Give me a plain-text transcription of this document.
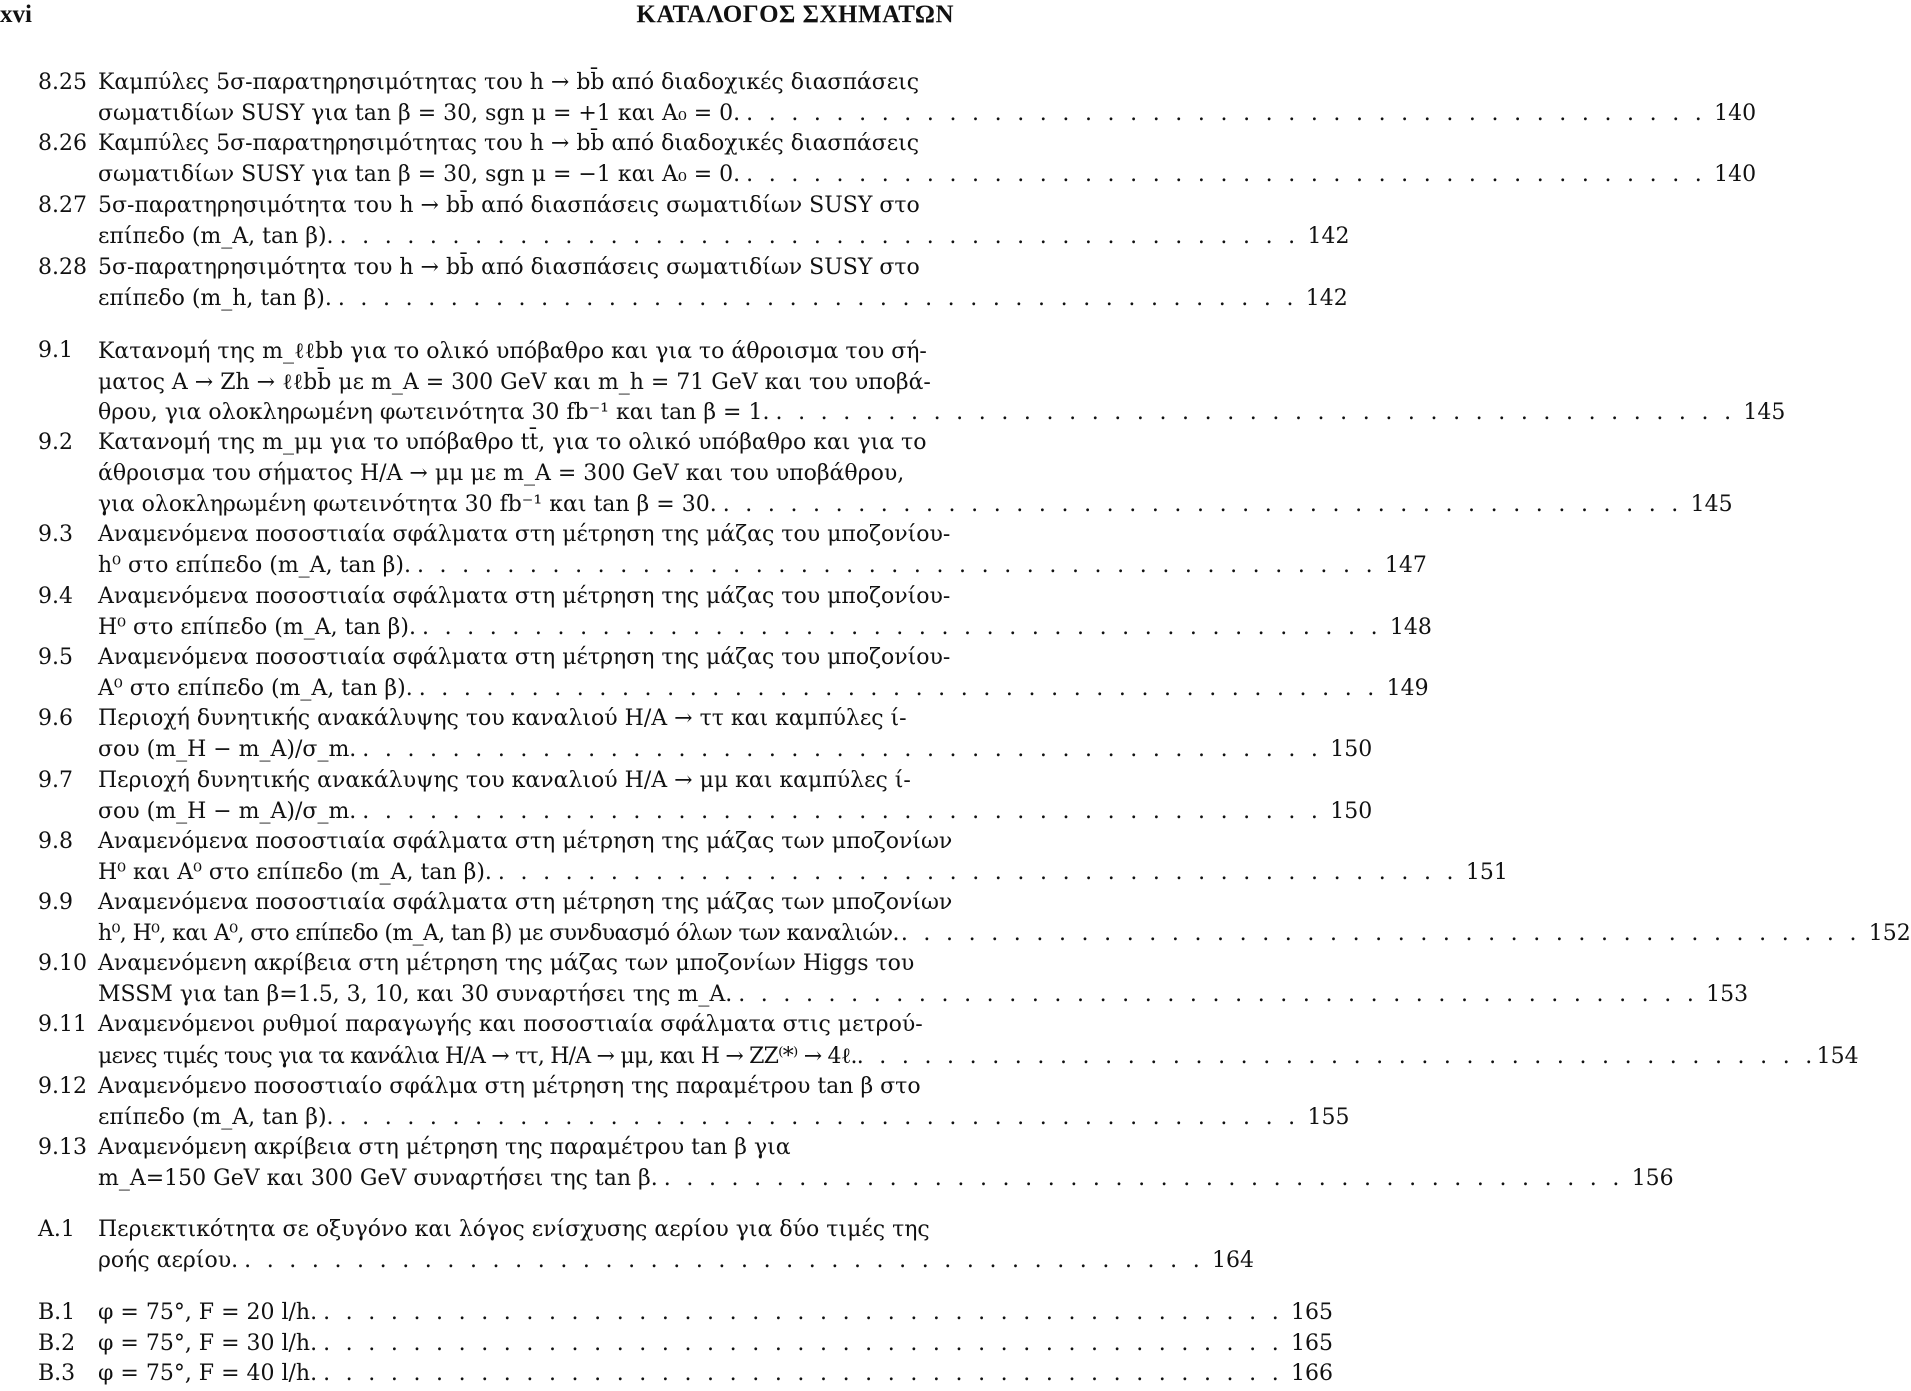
xvi	ΚΑΤΑΛΟΓΟΣ ΣΧΗΜΑΤΩΝ
8.25 Καμπύλες 5σ-παρατηρησιμότητας του h → bb̄ από διαδοχικές διασπάσεις
σωματιδίων SUSY για tan β = 30, sgn μ = +1 και A₀ = 0. . . . . . . . . . . . . . . . . . . . . . . . . . . . . . . . . . . . . . . . . . . . 140
8.26 Καμπύλες 5σ-παρατηρησιμότητας του h → bb̄ από διαδοχικές διασπάσεις
σωματιδίων SUSY για tan β = 30, sgn μ = −1 και A₀ = 0. . . . . . . . . . . . . . . . . . . . . . . . . . . . . . . . . . . . . . . . . . . . 140
8.27 5σ-παρατηρησιμότητα του h → bb̄ από διασπάσεις σωματιδίων SUSY στο
επίπεδο (m_A, tan β). . . . . . . . . . . . . . . . . . . . . . . . . . . . . . . . . . . . . . . . . . . . 142
8.28 5σ-παρατηρησιμότητα του h → bb̄ από διασπάσεις σωματιδίων SUSY στο
επίπεδο (m_h, tan β). . . . . . . . . . . . . . . . . . . . . . . . . . . . . . . . . . . . . . . . . . . . 142
9.1 Κατανομή της m_ℓℓbb για το ολικό υπόβαθρο και για το άθροισμα του σή-
ματος A → Zh → ℓℓbb̄ με m_A = 300 GeV και m_h = 71 GeV και του υποβά-
θρου, για ολοκληρωμένη φωτεινότητα 30 fb⁻¹ και tan β = 1. . . . . . . . . . . . . . . . . . . . . . . . . . . . . . . . . . . . . . . . . . . . 145
9.2 Κατανομή της m_μμ για το υπόβαθρο tt̄, για το ολικό υπόβαθρο και για το
άθροισμα του σήματος H/A → μμ με m_A = 300 GeV και του υποβάθρου,
για ολοκληρωμένη φωτεινότητα 30 fb⁻¹ και tan β = 30. . . . . . . . . . . . . . . . . . . . . . . . . . . . . . . . . . . . . . . . . . . . 145
9.3 Αναμενόμενα ποσοστιαία σφάλματα στη μέτρηση της μάζας του μποζονίου-
h⁰ στο επίπεδο (m_A, tan β). . . . . . . . . . . . . . . . . . . . . . . . . . . . . . . . . . . . . . . . . . . . 147
9.4 Αναμενόμενα ποσοστιαία σφάλματα στη μέτρηση της μάζας του μποζονίου-
H⁰ στο επίπεδο (m_A, tan β). . . . . . . . . . . . . . . . . . . . . . . . . . . . . . . . . . . . . . . . . . . . 148
9.5 Αναμενόμενα ποσοστιαία σφάλματα στη μέτρηση της μάζας του μποζονίου-
A⁰ στο επίπεδο (m_A, tan β). . . . . . . . . . . . . . . . . . . . . . . . . . . . . . . . . . . . . . . . . . . . 149
9.6 Περιοχή δυνητικής ανακάλυψης του καναλιού H/A → ττ και καμπύλες ί-
σου (m_H − m_A)/σ_m. . . . . . . . . . . . . . . . . . . . . . . . . . . . . . . . . . . . . . . . . . . . 150
9.7 Περιοχή δυνητικής ανακάλυψης του καναλιού H/A → μμ και καμπύλες ί-
σου (m_H − m_A)/σ_m. . . . . . . . . . . . . . . . . . . . . . . . . . . . . . . . . . . . . . . . . . . . 150
9.8 Αναμενόμενα ποσοστιαία σφάλματα στη μέτρηση της μάζας των μποζονίων
H⁰ και A⁰ στο επίπεδο (m_A, tan β). . . . . . . . . . . . . . . . . . . . . . . . . . . . . . . . . . . . . . . . . . . . 151
9.9 Αναμενόμενα ποσοστιαία σφάλματα στη μέτρηση της μάζας των μποζονίων
h⁰, H⁰, και A⁰, στο επίπεδο (m_A, tan β) με συνδυασμό όλων των καναλιών. . . . . . . . . . . . . . . . . . . . . . . . . . . . . . . . . . . . . . . . . . . . 152
9.10 Αναμενόμενη ακρίβεια στη μέτρηση της μάζας των μποζονίων Higgs του
MSSM για tan β=1.5, 3, 10, και 30 συναρτήσει της m_A. . . . . . . . . . . . . . . . . . . . . . . . . . . . . . . . . . . . . . . . . . . . 153
9.11 Αναμενόμενοι ρυθμοί παραγωγής και ποσοστιαία σφάλματα στις μετρού-
μενες τιμές τους για τα κανάλια H/A → ττ, H/A → μμ, και H → ZZ⁽*⁾ → 4ℓ. . . . . . . . . . . . . . . . . . . . . . . . . . . . . . . . . . . . . . . . . . . . 154
9.12 Αναμενόμενο ποσοστιαίο σφάλμα στη μέτρηση της παραμέτρου tan β στο
επίπεδο (m_A, tan β). . . . . . . . . . . . . . . . . . . . . . . . . . . . . . . . . . . . . . . . . . . . 155
9.13 Αναμενόμενη ακρίβεια στη μέτρηση της παραμέτρου tan β για
m_A=150 GeV και 300 GeV συναρτήσει της tan β. . . . . . . . . . . . . . . . . . . . . . . . . . . . . . . . . . . . . . . . . . . . 156
A.1 Περιεκτικότητα σε οξυγόνο και λόγος ενίσχυσης αερίου για δύο τιμές της
ροής αερίου. . . . . . . . . . . . . . . . . . . . . . . . . . . . . . . . . . . . . . . . . . . . 164
B.1 φ = 75°, F = 20 l/h. . . . . . . . . . . . . . . . . . . . . . . . . . . . . . . . . . . . . . . . . . . . 165
B.2 φ = 75°, F = 30 l/h. . . . . . . . . . . . . . . . . . . . . . . . . . . . . . . . . . . . . . . . . . . . 165
B.3 φ = 75°, F = 40 l/h. . . . . . . . . . . . . . . . . . . . . . . . . . . . . . . . . . . . . . . . . . . . 166
